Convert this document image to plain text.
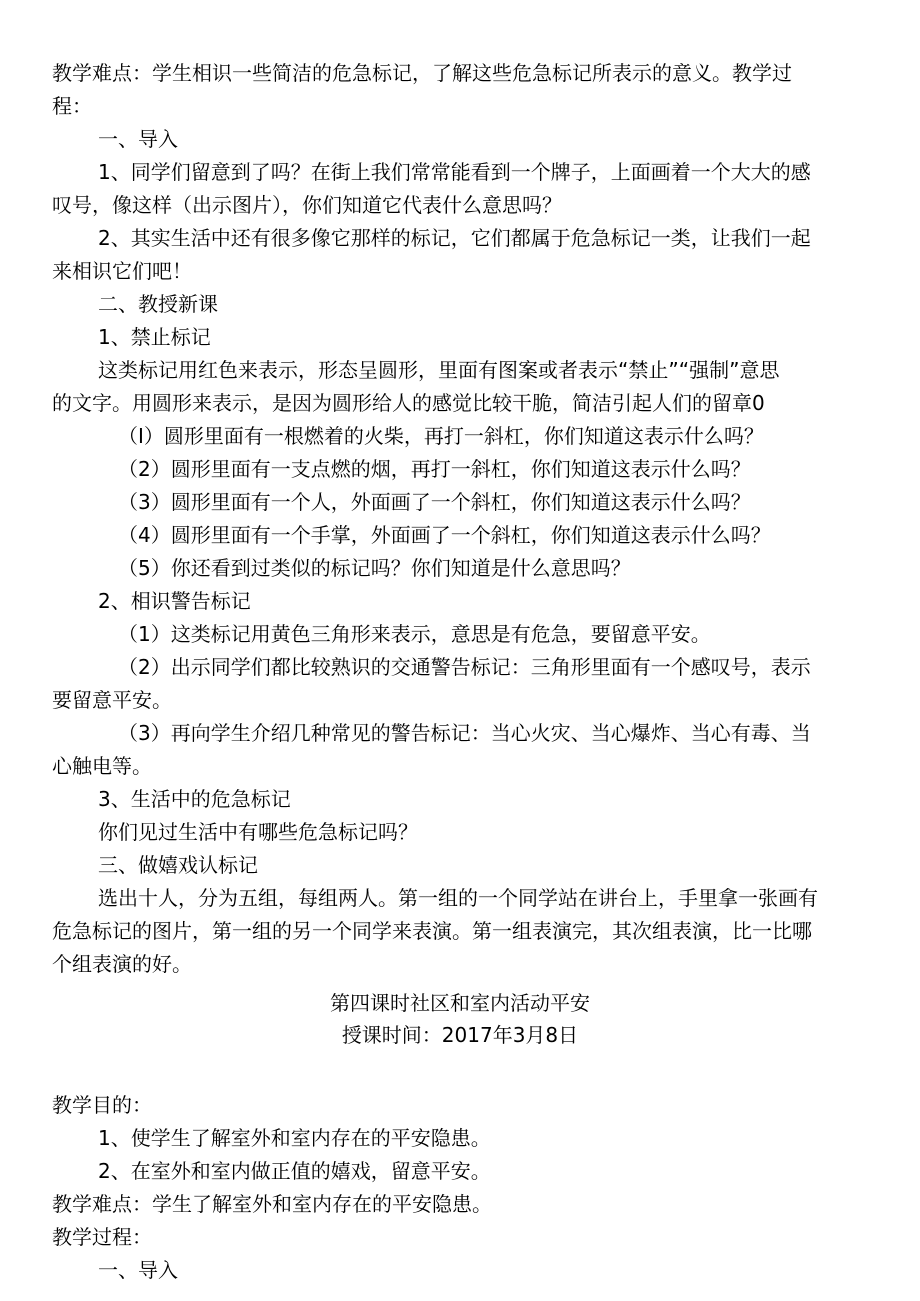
教学难点：学生相识一些简洁的危急标记，了解这些危急标记所表示的意义。教学过

程：

一、导入

1、同学们留意到了吗？在街上我们常常能看到一个牌子，上面画着一个大大的感

叹号，像这样（出示图片），你们知道它代表什么意思吗？

2、其实生活中还有很多像它那样的标记，它们都属于危急标记一类，让我们一起

来相识它们吧！

二、教授新课

1、禁止标记

这类标记用红色来表示，形态呈圆形，里面有图案或者表示“禁止”“强制”意思

的文字。用圆形来表示，是因为圆形给人的感觉比较干脆，简洁引起人们的留章0

（I）圆形里面有一根燃着的火柴，再打一斜杠，你们知道这表示什么吗？

（2）圆形里面有一支点燃的烟，再打一斜杠，你们知道这表示什么吗？

（3）圆形里面有一个人，外面画了一个斜杠，你们知道这表示什么吗？

（4）圆形里面有一个手掌，外面画了一个斜杠，你们知道这表示什么吗？

（5）你还看到过类似的标记吗？你们知道是什么意思吗？

2、相识警告标记

（1）这类标记用黄色三角形来表示，意思是有危急，要留意平安。

（2）出示同学们都比较熟识的交通警告标记：三角形里面有一个感叹号，表示

要留意平安。

（3）再向学生介绍几种常见的警告标记：当心火灾、当心爆炸、当心有毒、当

心触电等。

3、生活中的危急标记

你们见过生活中有哪些危急标记吗？

三、做嬉戏认标记

选出十人，分为五组，每组两人。第一组的一个同学站在讲台上，手里拿一张画有

危急标记的图片，第一组的另一个同学来表演。第一组表演完，其次组表演，比一比哪

个组表演的好。

第四课时社区和室内活动平安

授课时间：2017年3月8日

教学目的：

1、使学生了解室外和室内存在的平安隐患。

2、在室外和室内做正值的嬉戏，留意平安。

教学难点：学生了解室外和室内存在的平安隐患。

教学过程：

一、导入
